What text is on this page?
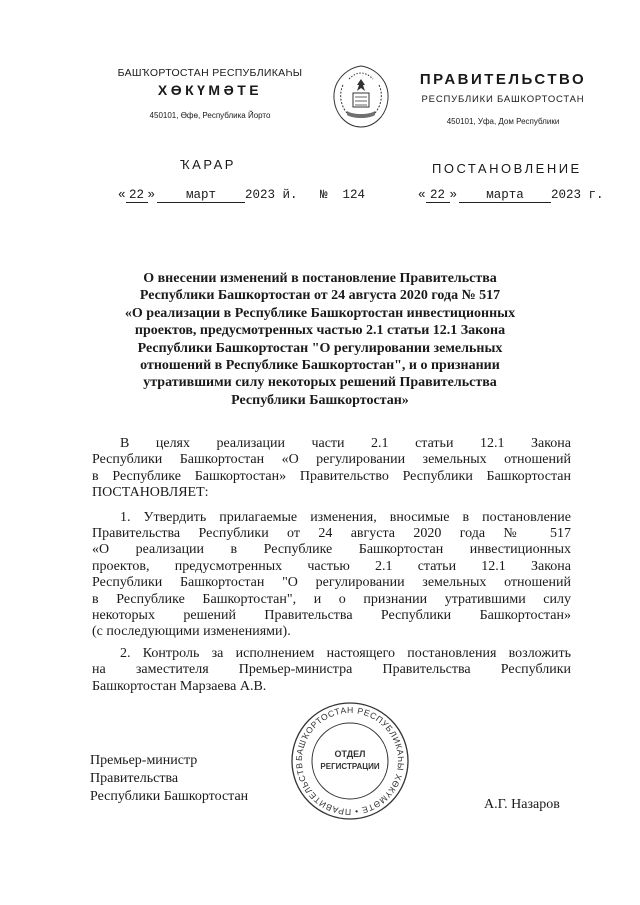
БАШҠОРТОСТАН РЕСПУБЛИКАҺЫ
ХӨКҮМӘТЕ
450101, Өфө, Республика Йорто
ПРАВИТЕЛЬСТВО
РЕСПУБЛИКИ БАШКОРТОСТАН
450101, Уфа, Дом Республики
ҠАРАР	ПОСТАНОВЛЕНИЕ
« 22 » март 2023 й. № 124	« 22 » марта 2023 г.
О внесении изменений в постановление Правительства
Республики Башкортостан от 24 августа 2020 года № 517
«О реализации в Республике Башкортостан инвестиционных
проектов, предусмотренных частью 2.1 статьи 12.1 Закона
Республики Башкортостан "О регулировании земельных
отношений в Республике Башкортостан", и о признании
утратившими силу некоторых решений Правительства
Республики Башкортостан»
В целях реализации части 2.1 статьи 12.1 Закона
Республики Башкортостан «О регулировании земельных отношений
в Республике Башкортостан» Правительство Республики Башкортостан
ПОСТАНОВЛЯЕТ:
1. Утвердить прилагаемые изменения, вносимые в постановление
Правительства Республики от 24 августа 2020 года № 517
«О реализации в Республике Башкортостан инвестиционных
проектов, предусмотренных частью 2.1 статьи 12.1 Закона
Республики Башкортостан "О регулировании земельных отношений
в Республике Башкортостан", и о признании утратившими силу
некоторых решений Правительства Республики Башкортостан»
(с последующими изменениями).
2. Контроль за исполнением настоящего постановления возложить
на заместителя Премьер-министра Правительства Республики
Башкортостан Марзаева А.В.
БАШҠОРТОСТАН РЕСПУБЛИКАҺЫ ХӨКҮМӘТЕ • ПРАВИТЕЛЬСТВ
ОТДЕЛ
РЕГИСТРАЦИИ
Премьер-министр
Правительства
Республики Башкортостан
А.Г. Назаров
